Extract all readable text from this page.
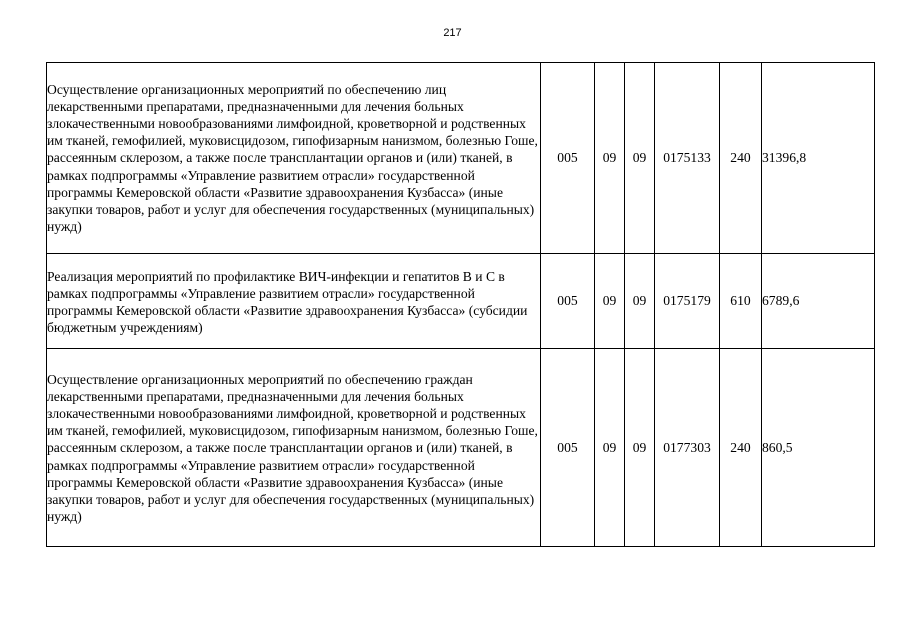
217
Осуществление организационных мероприятий по обеспечению лиц лекарственными препаратами, предназначенными для лечения больных злокачественными новообразованиями лимфоидной, кроветворной и родственных им тканей, гемофилией, муковисцидозом, гипофизарным нанизмом, болезнью Гоше, рассеянным склерозом, а также после трансплантации органов и (или) тканей, в рамках подпрограммы «Управление развитием отрасли» государственной программы Кемеровской области «Развитие здравоохранения Кузбасса» (иные закупки товаров, работ и услуг для обеспечения государственных (муниципальных) нужд)	005	09	09	0175133	240	31396,8
Реализация мероприятий по профилактике ВИЧ-инфекции и гепатитов В и С в рамках подпрограммы «Управление развитием отрасли» государственной программы Кемеровской области «Развитие здравоохранения Кузбасса» (субсидии бюджетным учреждениям)	005	09	09	0175179	610	6789,6
Осуществление организационных мероприятий по обеспечению граждан лекарственными препаратами, предназначенными для лечения больных злокачественными новообразованиями лимфоидной, кроветворной и родственных им тканей, гемофилией, муковисцидозом, гипофизарным нанизмом, болезнью Гоше, рассеянным склерозом, а также после трансплантации органов и (или) тканей, в рамках подпрограммы «Управление развитием отрасли» государственной программы Кемеровской области «Развитие здравоохранения Кузбасса» (иные закупки товаров, работ и услуг для обеспечения государственных (муниципальных) нужд)	005	09	09	0177303	240	860,5
